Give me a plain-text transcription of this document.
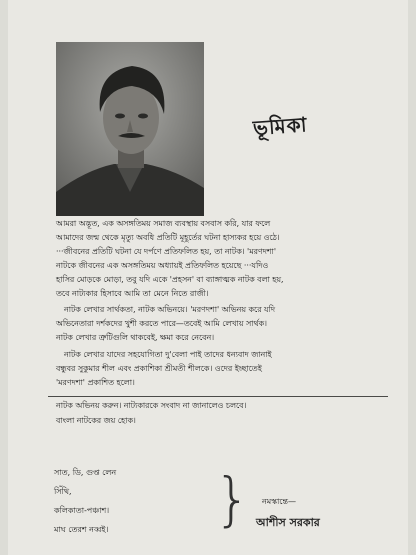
ভূমিকা
আমরা অদ্ভূত, এক অসঙ্গতিময় সমাজ ব্যবস্থায় বসবাস করি, যার ফলে
আমাদের জন্ম থেকে মৃত্যু অবধি প্রতিটি মূহূর্তের ঘটনা হাস্যকর হয়ে ওঠে।
···জীবনের প্রতিটি ঘটনা যে দর্পণে প্রতিফলিত হয়, তা নাটক। 'মরণদশা'
নাটকে জীবনের এক অসঙ্গতিময় অধ্যায়ই প্রতিফলিত হয়েছে ···যদিও
হাসির মোড়কে মোড়া, তবু যদি একে 'প্রহসন' বা ব্যাঙ্গাত্মক নাটক বলা হয়,
তবে নাট্যকার হিসাবে আমি তা মেনে নিতে রাজী।
নাটক লেখার সার্থকতা, নাটক অভিনয়ে। 'মরণদশা' অভিনয় করে যদি
অভিনেতারা দর্শকদের খুশী করতে পারে—তবেই আমি লেখায় সার্থক।
নাটক লেখার ত্রুটিগুলি থাকবেই, ক্ষমা করে নেবেন।
নাটক লেখার যাদের সহযোগিতা দু'বেলা পাই তাদের ধন্যবাদ জানাই
বন্ধুবর সুকুমার শীল এবং প্রকাশিকা শ্রীমতী শীলকে। ওদের ইচ্ছাতেই
'মরণদশা' প্রকাশিত হলো।
নাটক অভিনয় করুন। নাট্যকারকে সংবাদ না জানালেও চলবে।
বাংলা নাটকের জয় হোক।
সাত, ডি, গুপ্ত লেন
সিঁথি,
কলিকাতা-পঞ্চাশ।
মাঘ তেরশ নব্বই। } নমস্কান্তে—
আশীস সরকার
